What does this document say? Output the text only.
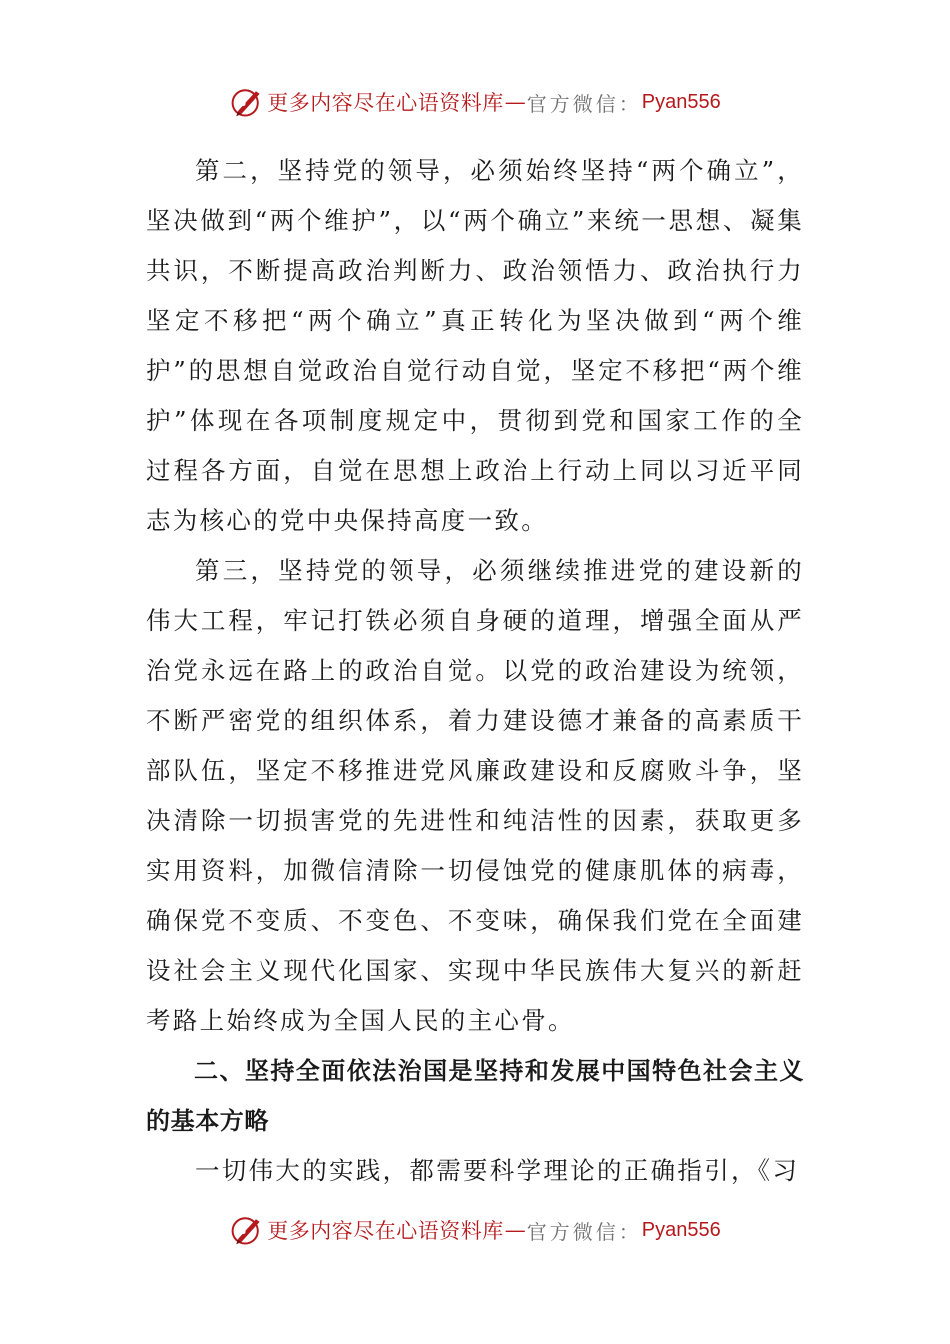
更多内容尽在心语资料库 — 官方微信： Pyan556

第二，坚持党的领导，必须始终坚持“两个确立”，坚决做到“两个维护”，以“两个确立”来统一思想、凝集共识，不断提高政治判断力、政治领悟力、政治执行力坚定不移把“两个确立”真正转化为坚决做到“两个维护”的思想自觉政治自觉行动自觉，坚定不移把“两个维护”体现在各项制度规定中，贯彻到党和国家工作的全过程各方面，自觉在思想上政治上行动上同以习近平同志为核心的党中央保持高度一致。

第三，坚持党的领导，必须继续推进党的建设新的伟大工程，牢记打铁必须自身硬的道理，增强全面从严治党永远在路上的政治自觉。以党的政治建设为统领，不断严密党的组织体系，着力建设德才兼备的高素质干部队伍，坚定不移推进党风廉政建设和反腐败斗争，坚决清除一切损害党的先进性和纯洁性的因素，获取更多实用资料，加微信清除一切侵蚀党的健康肌体的病毒，确保党不变质、不变色、不变味，确保我们党在全面建设社会主义现代化国家、实现中华民族伟大复兴的新赶考路上始终成为全国人民的主心骨。

二、坚持全面依法治国是坚持和发展中国特色社会主义的基本方略

一切伟大的实践，都需要科学理论的正确指引，《习

更多内容尽在心语资料库 — 官方微信： Pyan556
